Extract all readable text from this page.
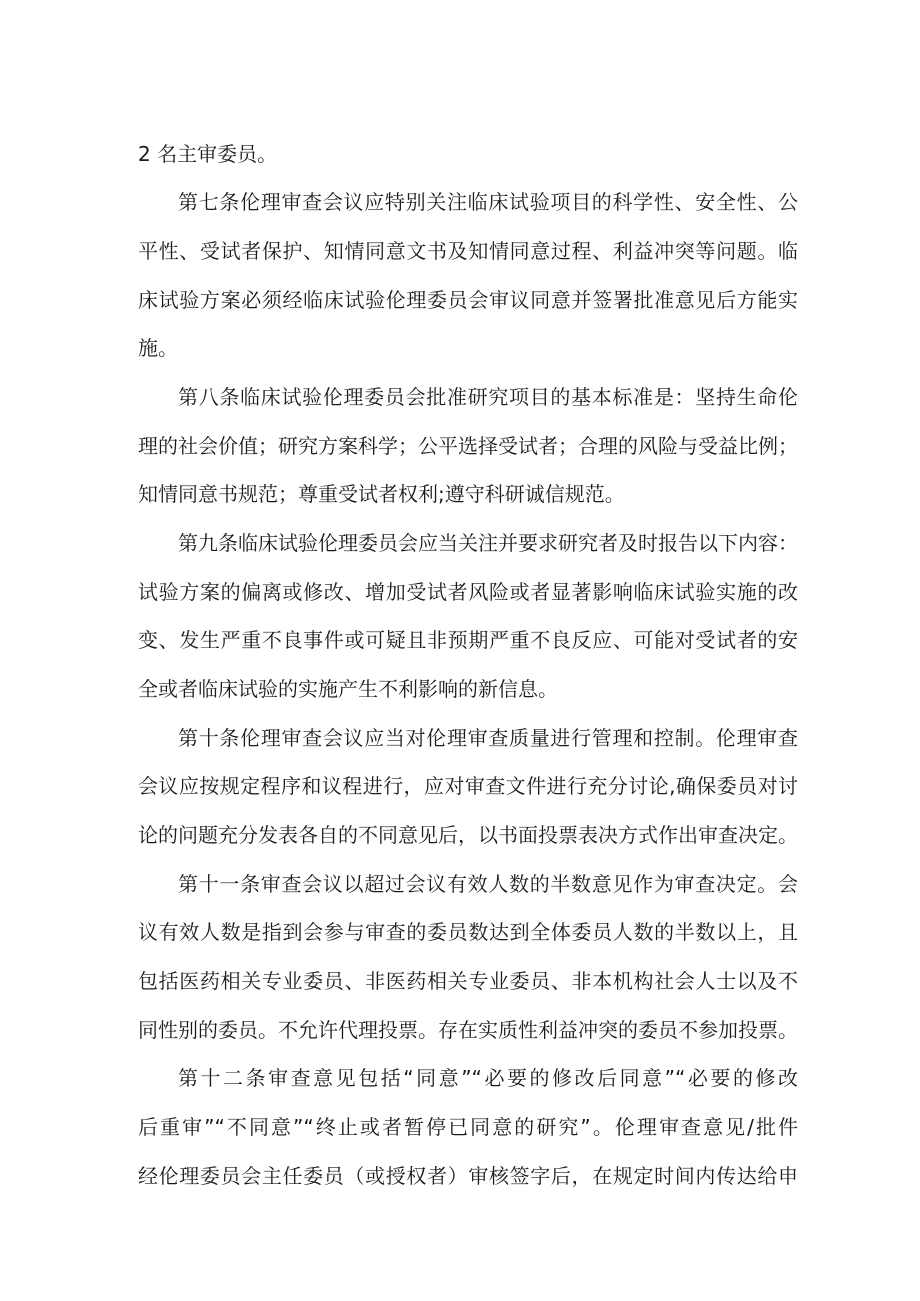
2 名主审委员。
第七条伦理审查会议应特别关注临床试验项目的科学性、安全性、公
平性、受试者保护、知情同意文书及知情同意过程、利益冲突等问题。临
床试验方案必须经临床试验伦理委员会审议同意并签署批准意见后方能实
施。
第八条临床试验伦理委员会批准研究项目的基本标准是：坚持生命伦
理的社会价值；研究方案科学；公平选择受试者；合理的风险与受益比例；
知情同意书规范；尊重受试者权利;遵守科研诚信规范。
第九条临床试验伦理委员会应当关注并要求研究者及时报告以下内容：
试验方案的偏离或修改、增加受试者风险或者显著影响临床试验实施的改
变、发生严重不良事件或可疑且非预期严重不良反应、可能对受试者的安
全或者临床试验的实施产生不利影响的新信息。
第十条伦理审查会议应当对伦理审查质量进行管理和控制。伦理审查
会议应按规定程序和议程进行，应对审查文件进行充分讨论,确保委员对讨
论的问题充分发表各自的不同意见后，以书面投票表决方式作出审查决定。
第十一条审查会议以超过会议有效人数的半数意见作为审查决定。会
议有效人数是指到会参与审查的委员数达到全体委员人数的半数以上，且
包括医药相关专业委员、非医药相关专业委员、非本机构社会人士以及不
同性别的委员。不允许代理投票。存在实质性利益冲突的委员不参加投票。
第十二条审查意见包括“同意”“必要的修改后同意”“必要的修改
后重审”“不同意”“终止或者暂停已同意的研究”。伦理审查意见/批件
经伦理委员会主任委员（或授权者）审核签字后，在规定时间内传达给申
